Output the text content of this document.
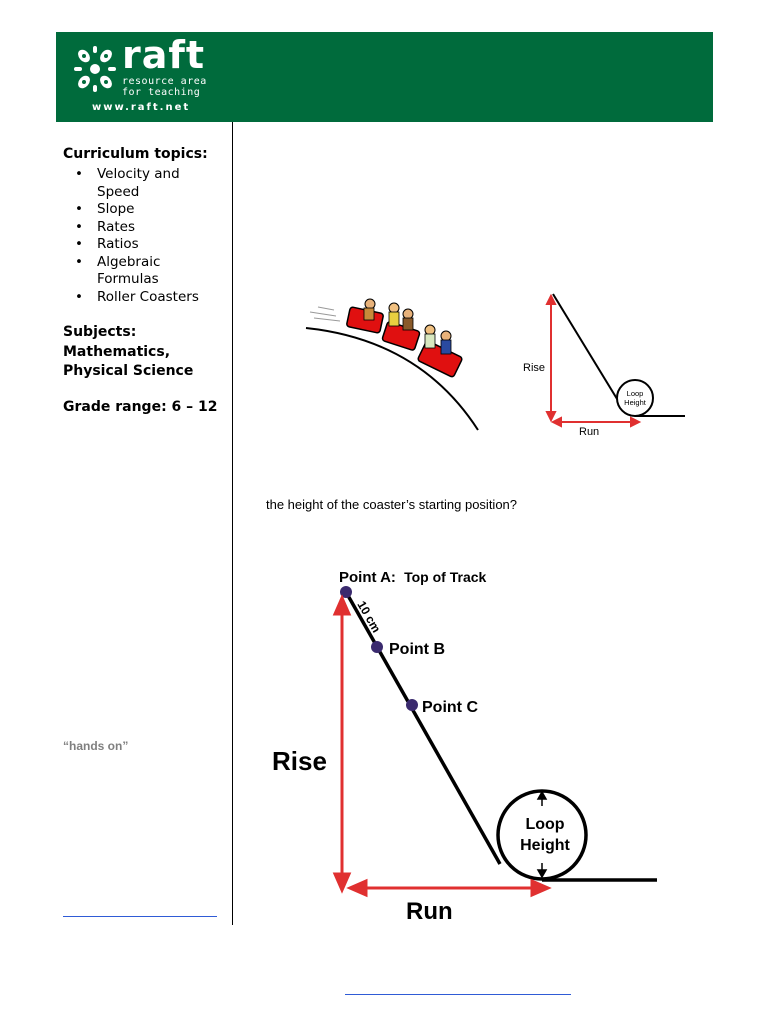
raft
resource area
for teaching
www.raft.net

Curriculum topics:

• Velocity and Speed
• Slope
• Rates
• Ratios
• Algebraic Formulas
• Roller Coasters

Subjects:

Mathematics, Physical Science
Grade range: 6 – 12
“hands on”
Rise
Run
Loop
Height
the height of the coaster’s starting position?
Point A: Top of Track
10 cm
Point B
Point C
Rise
Run
Loop
Height
